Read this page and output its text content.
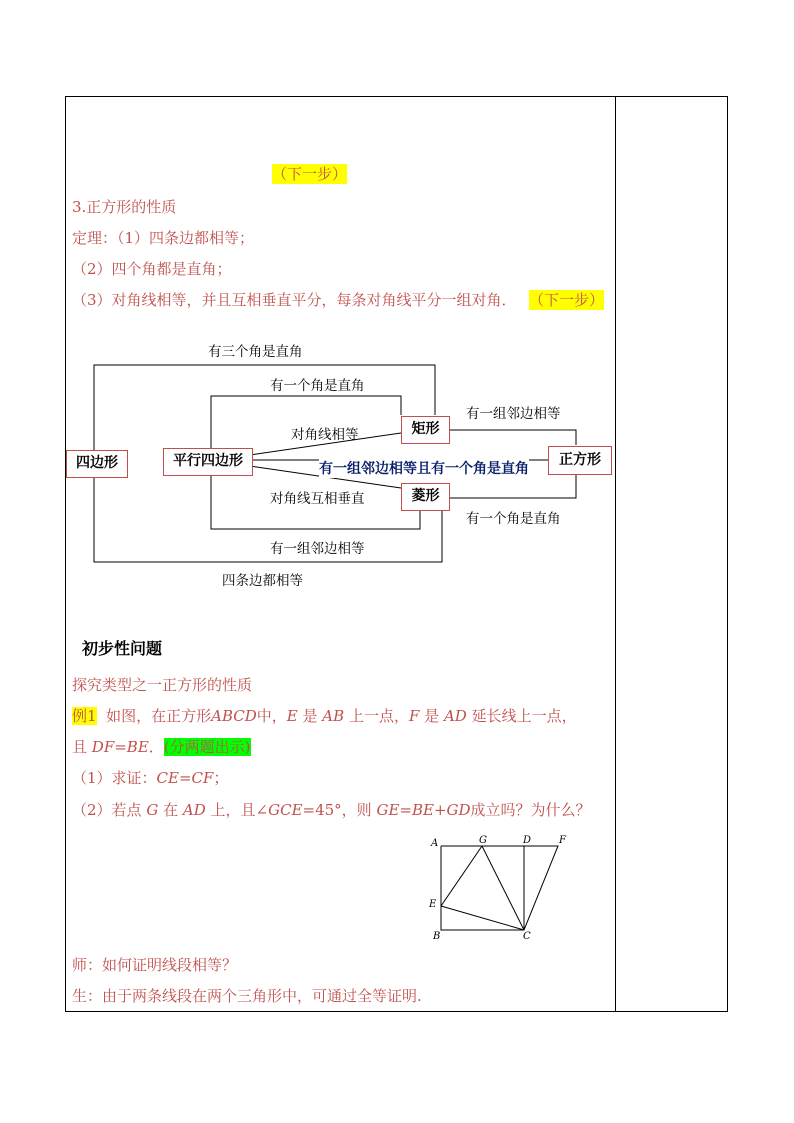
（下一步）
3.正方形的性质
定理：（1）四条边都相等；
（2）四个角都是直角；
（3）对角线相等，并且互相垂直平分，每条对角线平分一组对角． （下一步）
有三个角是直角
有一个角是直角
对角线相等
有一组邻边相等
有一组邻边相等且有一个角是直角
对角线互相垂直
有一个角是直角
有一组邻边相等
四条边都相等
四边形	平行四边形
矩形
菱形
正方形
初步性问题
探究类型之一正方形的性质
例1 如图，在正方形ABCD中，E 是 AB 上一点，F 是 AD 延长线上一点，
且 DF=BE．(分两题出示)
（1）求证：CE=CF；
（2）若点 G 在 AD 上，且∠GCE=45°，则 GE=BE+GD成立吗？为什么？
A	G	D	F
E
B	C
师：如何证明线段相等？
生：由于两条线段在两个三角形中，可通过全等证明.
